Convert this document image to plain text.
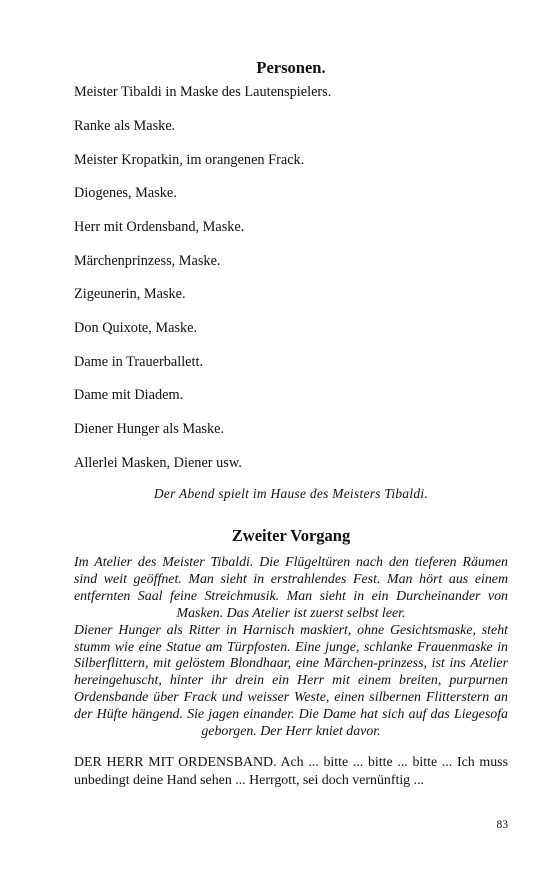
Personen.
Meister Tibaldi in Maske des Lautenspielers.
Ranke als Maske.
Meister Kropatkin, im orangenen Frack.
Diogenes, Maske.
Herr mit Ordensband, Maske.
Märchenprinzess, Maske.
Zigeunerin, Maske.
Don Quixote, Maske.
Dame in Trauerballett.
Dame mit Diadem.
Diener Hunger als Maske.
Allerlei Masken, Diener usw.
Der Abend spielt im Hause des Meisters Tibaldi.
Zweiter Vorgang

Im Atelier des Meister Tibaldi. Die Flügeltüren nach den tieferen Räumen sind weit geöffnet. Man sieht in erstrahlendes Fest. Man hört aus einem entfernten Saal feine Streichmusik. Man sieht in ein Durcheinander von Masken. Das Atelier ist zuerst selbst leer.

Diener Hunger als Ritter in Harnisch maskiert, ohne Gesichtsmaske, steht stumm wie eine Statue am Türpfosten. Eine junge, schlanke Frauenmaske in Silberflittern, mit gelöstem Blondhaar, eine Märchen-prinzess, ist ins Atelier hereingehuscht, hinter ihr drein ein Herr mit einem breiten, purpurnen Ordensbande über Frack und weisser Weste, einen silbernen Flitterstern an der Hüfte hängend. Sie jagen einander. Die Dame hat sich auf das Liegesofa geborgen. Der Herr kniet davor.

DER HERR MIT ORDENSBAND. Ach ... bitte ... bitte ... bitte ... Ich muss unbedingt deine Hand sehen ... Herrgott, sei doch vernünftig ...

83
